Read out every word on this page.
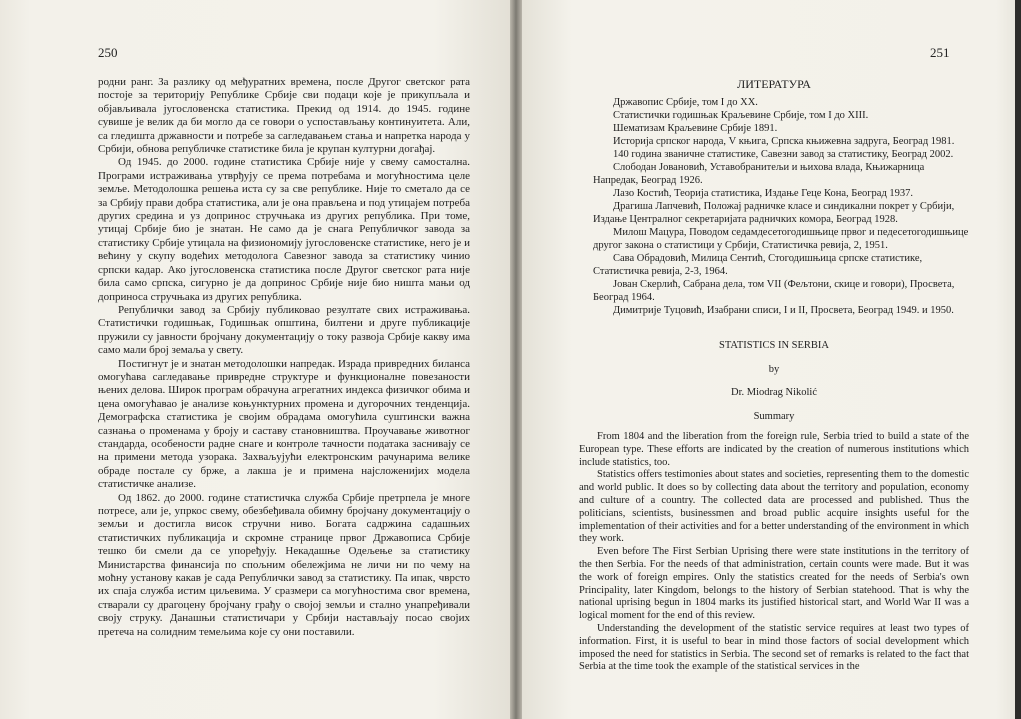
250

родни ранг. За разлику од међуратних времена, после Другог светског рата постоје за територију Републике Србије сви подаци које је прикупљала и објављивала југословенска статистика. Прекид од 1914. до 1945. године сувише је велик да би могло да се говори о успостављању континуитета. Али, са гледишта државности и потребе за сагледавањем стања и напретка народа у Србији, обнова републичке статистике била је крупан културни догађај.

Од 1945. до 2000. године статистика Србије није у свему самостална. Програми истраживања утврђују се према потребама и могућностима целе земље. Методолошка решења иста су за све републике. Није то сметало да се за Србију прави добра статистика, али је она прављена и под утицајем потреба других средина и уз допринос стручњака из других република. При томе, утицај Србије био је знатан. Не само да је снага Републичког завода за статистику Србије утицала на физиономију југословенске статистике, него је и већину у скупу водећих методолога Савезног завода за статистику чинио српски кадар. Ако југословенска статистика после Другог светског рата није била само српска, сигурно је да допринос Србије није био ништа мањи од доприноса стручњака из других република.

Републички завод за Србију публиковао резултате свих истраживања. Статистички годишњак, Годишњак општина, билтени и друге публикације пружили су јавности бројчану документацију о току развоја Србије какву има само мали број земаља у свету.

Постигнут је и знатан методолошки напредак. Израда привредних биланса омогућава сагледавање привредне структуре и функционалне повезаности њених делова. Широк програм обрачуна агрегатних индекса физичког обима и цена омогућавао је анализе коњунктурних промена и дугорочних тенденција. Демографска статистика је својим обрадама омогућила суштински важна сазнања о променама у броју и саставу становништва. Проучавање животног стандарда, особености радне снаге и контроле тачности података заснивају се на примени метода узорака. Захваљујући електронским рачунарима велике обраде постале су брже, а лакша је и примена најсложенијих модела статистичке анализе.

Од 1862. до 2000. године статистичка служба Србије претрпела је многе потресе, али је, упркос свему, обезбеђивала обимну бројчану документацију о земљи и достигла висок стручни ниво. Богата садржина садашњих статистичких публикација и скромне странице првог Државописа Србије тешко би смели да се упоређују. Некадашње Одељење за статистику Министарства финансија по спољним обележјима не личи ни по чему на моћну установу какав је сада Републички завод за статистику. Па ипак, чврсто их спаја служба истим циљевима. У сразмери са могућностима свог времена, стварали су драгоцену бројчану грађу о својој земљи и стално унапређивали своју струку. Данашњи статистичари у Србији настављају посао својих претеча на солидним темељима које су они поставили.

251
ЛИТЕРАТУРА

Државопис Србије, том I до XX.

Статистички годишњак Краљевине Србије, том I до XIII.

Шематизам Краљевине Србије 1891.

Историја српског народа, V књига, Српска књижевна задруга, Београд 1981.

140 година званичне статистике, Савезни завод за статистику, Београд 2002.

Слободан Јовановић, Уставобранитељи и њихова влада, Књижарница Напредак, Београд 1926.

Лазо Костић, Теорија статистика, Издање Геце Кона, Београд 1937.

Драгиша Лапчевић, Положај радничке класе и синдикални покрет у Србији, Издање Централног секретаријата радничких комора, Београд 1928.

Милош Мацура, Поводом седамдесетогодишњице првог и педесетогодишњице другог закона о статистици у Србији, Статистичка ревија, 2, 1951.

Сава Обрадовић, Милица Сентић, Стогодишњица српске статистике, Статистичка ревија, 2-3, 1964.

Јован Скерлић, Сабрана дела, том VII (Фељтони, скице и говори), Просвета, Београд 1964.

Димитрије Туцовић, Изабрани списи, I и II, Просвета, Београд 1949. и 1950.

STATISTICS IN SERBIA
by
Dr. Miodrag Nikolić
Summary

From 1804 and the liberation from the foreign rule, Serbia tried to build a state of the European type. These efforts are indicated by the creation of numerous institutions which include statistics, too.

Statistics offers testimonies about states and societies, representing them to the domestic and world public. It does so by collecting data about the territory and population, economy and culture of a country. The collected data are processed and published. Thus the politicians, scientists, businessmen and broad public acquire insights useful for the implementation of their activities and for a better understanding of the environment in which they work.

Even before The First Serbian Uprising there were state institutions in the territory of the then Serbia. For the needs of that administration, certain counts were made. But it was the work of foreign empires. Only the statistics created for the needs of Serbia's own Principality, later Kingdom, belongs to the history of Serbian statehood. That is why the national uprising begun in 1804 marks its justified historical start, and World War II was a logical moment for the end of this review.

Understanding the development of the statistic service requires at least two types of information. First, it is useful to bear in mind those factors of social development which imposed the need for statistics in Serbia. The second set of remarks is related to the fact that Serbia at the time took the example of the statistical services in the
